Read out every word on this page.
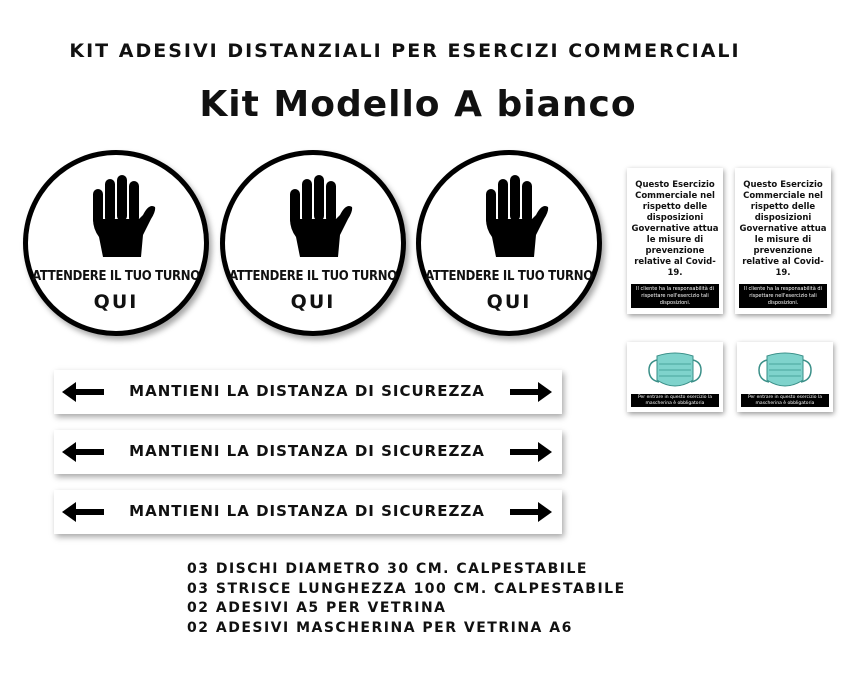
KIT ADESIVI DISTANZIALI PER ESERCIZI COMMERCIALI
Kit Modello A bianco
ATTENDERE IL TUO TURNO
QUI
ATTENDERE IL TUO TURNO
QUI
ATTENDERE IL TUO TURNO
QUI
MANTIENI LA DISTANZA DI SICUREZZA
MANTIENI LA DISTANZA DI SICUREZZA
MANTIENI LA DISTANZA DI SICUREZZA
Questo Esercizio Commerciale nel rispetto delle disposizioni Governative attua le misure di prevenzione relative al Covid-19.
Il cliente ha la responsabilità di rispettare nell'esercizio tali disposizioni.
Questo Esercizio Commerciale nel rispetto delle disposizioni Governative attua le misure di prevenzione relative al Covid-19.
Il cliente ha la responsabilità di rispettare nell'esercizio tali disposizioni.
Per entrare in questo esercizio la mascherina è obbligatoria
Per entrare in questo esercizio la mascherina è obbligatoria
03 DISCHI DIAMETRO 30 CM. CALPESTABILE
03 STRISCE LUNGHEZZA 100 CM. CALPESTABILE
02 ADESIVI A5 PER VETRINA
02 ADESIVI MASCHERINA PER VETRINA A6
